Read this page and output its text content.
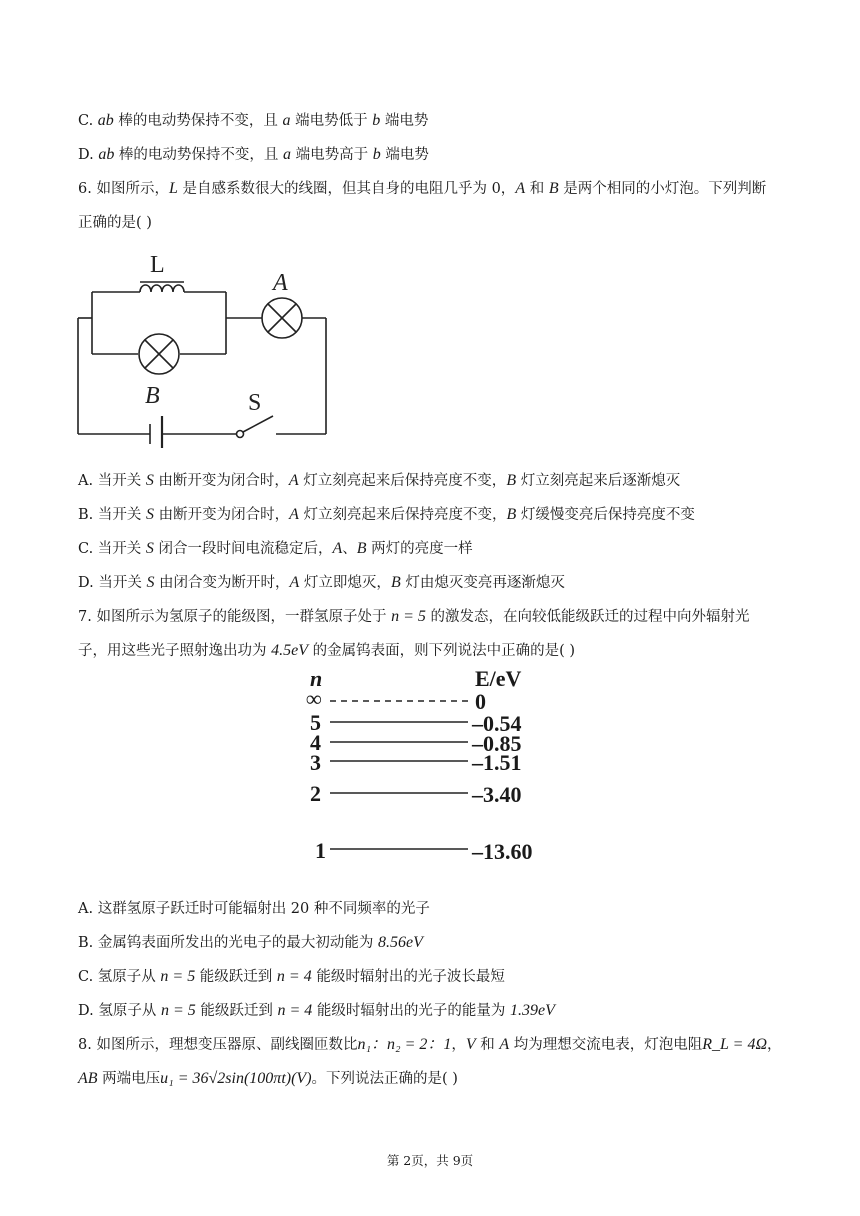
C. ab 棒的电动势保持不变，且 a 端电势低于 b 端电势
D. ab 棒的电动势保持不变，且 a 端电势高于 b 端电势
6. 如图所示，L 是自感系数很大的线圈，但其自身的电阻几乎为 0，A 和 B 是两个相同的小灯泡。下列判断
正确的是( )
L
A
B	S
A. 当开关 S 由断开变为闭合时，A 灯立刻亮起来后保持亮度不变，B 灯立刻亮起来后逐渐熄灭
B. 当开关 S 由断开变为闭合时，A 灯立刻亮起来后保持亮度不变，B 灯缓慢变亮后保持亮度不变
C. 当开关 S 闭合一段时间电流稳定后，A、B 两灯的亮度一样
D. 当开关 S 由闭合变为断开时，A 灯立即熄灭，B 灯由熄灭变亮再逐渐熄灭
7. 如图所示为氢原子的能级图，一群氢原子处于 n = 5 的激发态，在向较低能级跃迁的过程中向外辐射光
子，用这些光子照射逸出功为 4.5eV 的金属钨表面，则下列说法中正确的是( )
n	E/eV
∞	0
5	–0.54
4	–0.85
3	–1.51
2	–3.40
1	–13.60
A. 这群氢原子跃迁时可能辐射出 20 种不同频率的光子
B. 金属钨表面所发出的光电子的最大初动能为 8.56eV
C. 氢原子从 n = 5 能级跃迁到 n = 4 能级时辐射出的光子波长最短
D. 氢原子从 n = 5 能级跃迁到 n = 4 能级时辐射出的光子的能量为 1.39eV
8. 如图所示，理想变压器原、副线圈匝数比n₁：n₂ = 2：1，V 和 A 均为理想交流电表，灯泡电阻R_L = 4Ω，
AB 两端电压u₁ = 36√2sin(100πt)(V)。下列说法正确的是( )
第 2页，共 9页
